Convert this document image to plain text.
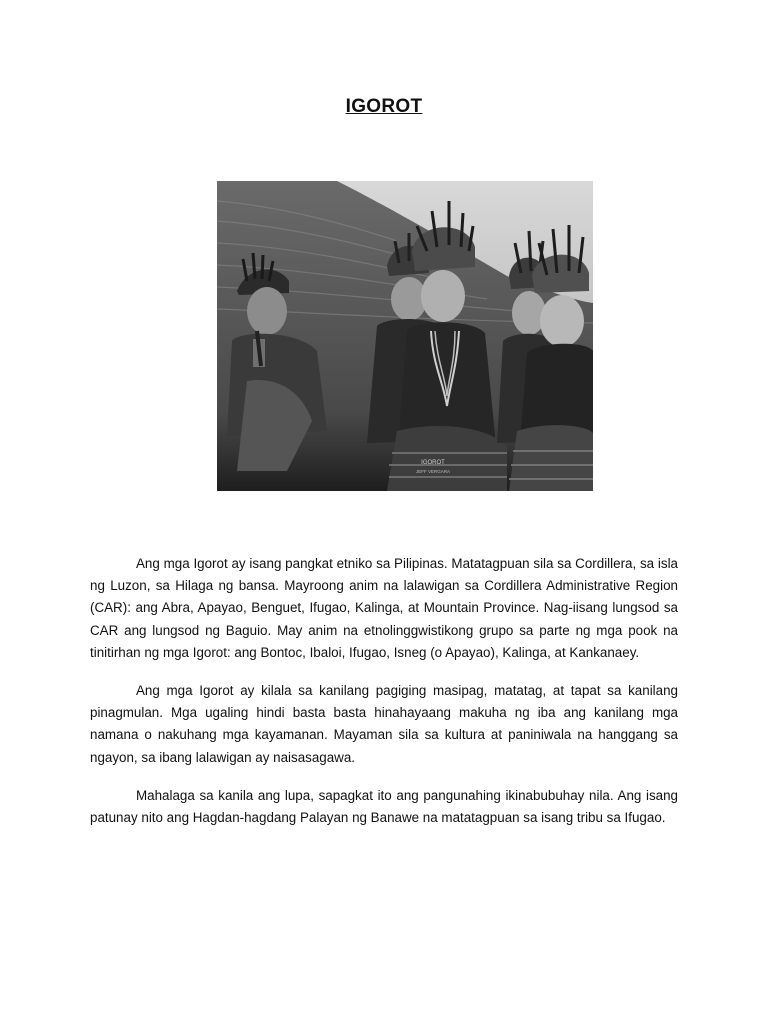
IGOROT
IGOROT
JEFF VERGARA

Ang mga Igorot ay isang pangkat etniko sa Pilipinas. Matatagpuan sila sa Cordillera, sa isla ng Luzon, sa Hilaga ng bansa. Mayroong anim na lalawigan sa Cordillera Administrative Region (CAR): ang Abra, Apayao, Benguet, Ifugao, Kalinga, at Mountain Province. Nag-iisang lungsod sa CAR ang lungsod ng Baguio. May anim na etnolinggwistikong grupo sa parte ng mga pook na tinitirhan ng mga Igorot: ang Bontoc, Ibaloi, Ifugao, Isneg (o Apayao), Kalinga, at Kankanaey.

Ang mga Igorot ay kilala sa kanilang pagiging masipag, matatag, at tapat sa kanilang pinagmulan. Mga ugaling hindi basta basta hinahayaang makuha ng iba ang kanilang mga namana o nakuhang mga kayamanan. Mayaman sila sa kultura at paniniwala na hanggang sa ngayon, sa ibang lalawigan ay naisasagawa.

Mahalaga sa kanila ang lupa, sapagkat ito ang pangunahing ikinabubuhay nila. Ang isang patunay nito ang Hagdan-hagdang Palayan ng Banawe na matatagpuan sa isang tribu sa Ifugao.
